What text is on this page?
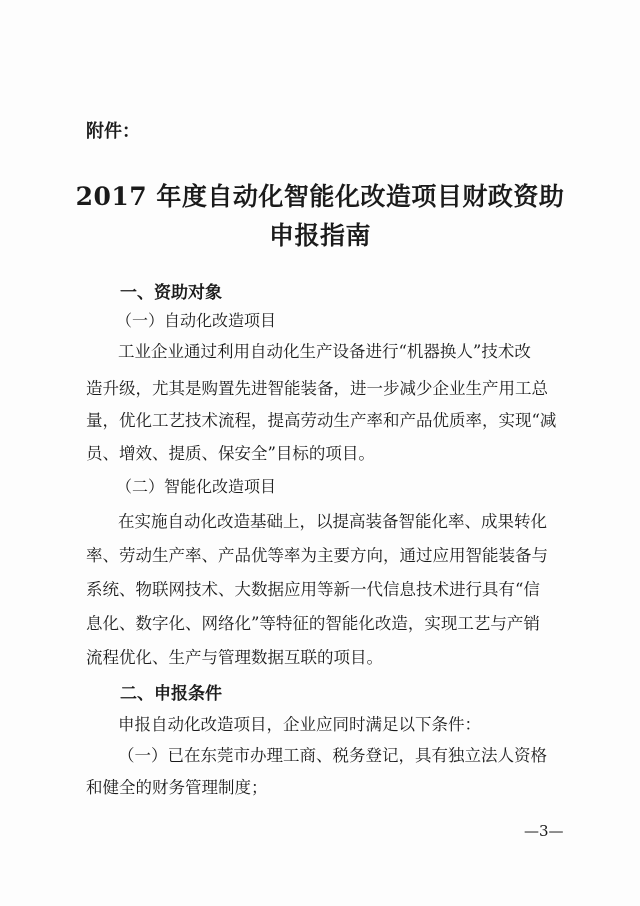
附件：
2017 年度自动化智能化改造项目财政资助
申报指南
一、资助对象
（一）自动化改造项目
工业企业通过利用自动化生产设备进行“机器换人”技术改
造升级，尤其是购置先进智能装备，进一步减少企业生产用工总
量，优化工艺技术流程，提高劳动生产率和产品优质率，实现“减
员、增效、提质、保安全”目标的项目。
（二）智能化改造项目
在实施自动化改造基础上，以提高装备智能化率、成果转化
率、劳动生产率、产品优等率为主要方向，通过应用智能装备与
系统、物联网技术、大数据应用等新一代信息技术进行具有“信
息化、数字化、网络化”等特征的智能化改造，实现工艺与产销
流程优化、生产与管理数据互联的项目。
二、申报条件
申报自动化改造项目，企业应同时满足以下条件：
（一）已在东莞市办理工商、税务登记，具有独立法人资格
和健全的财务管理制度；
—3—
